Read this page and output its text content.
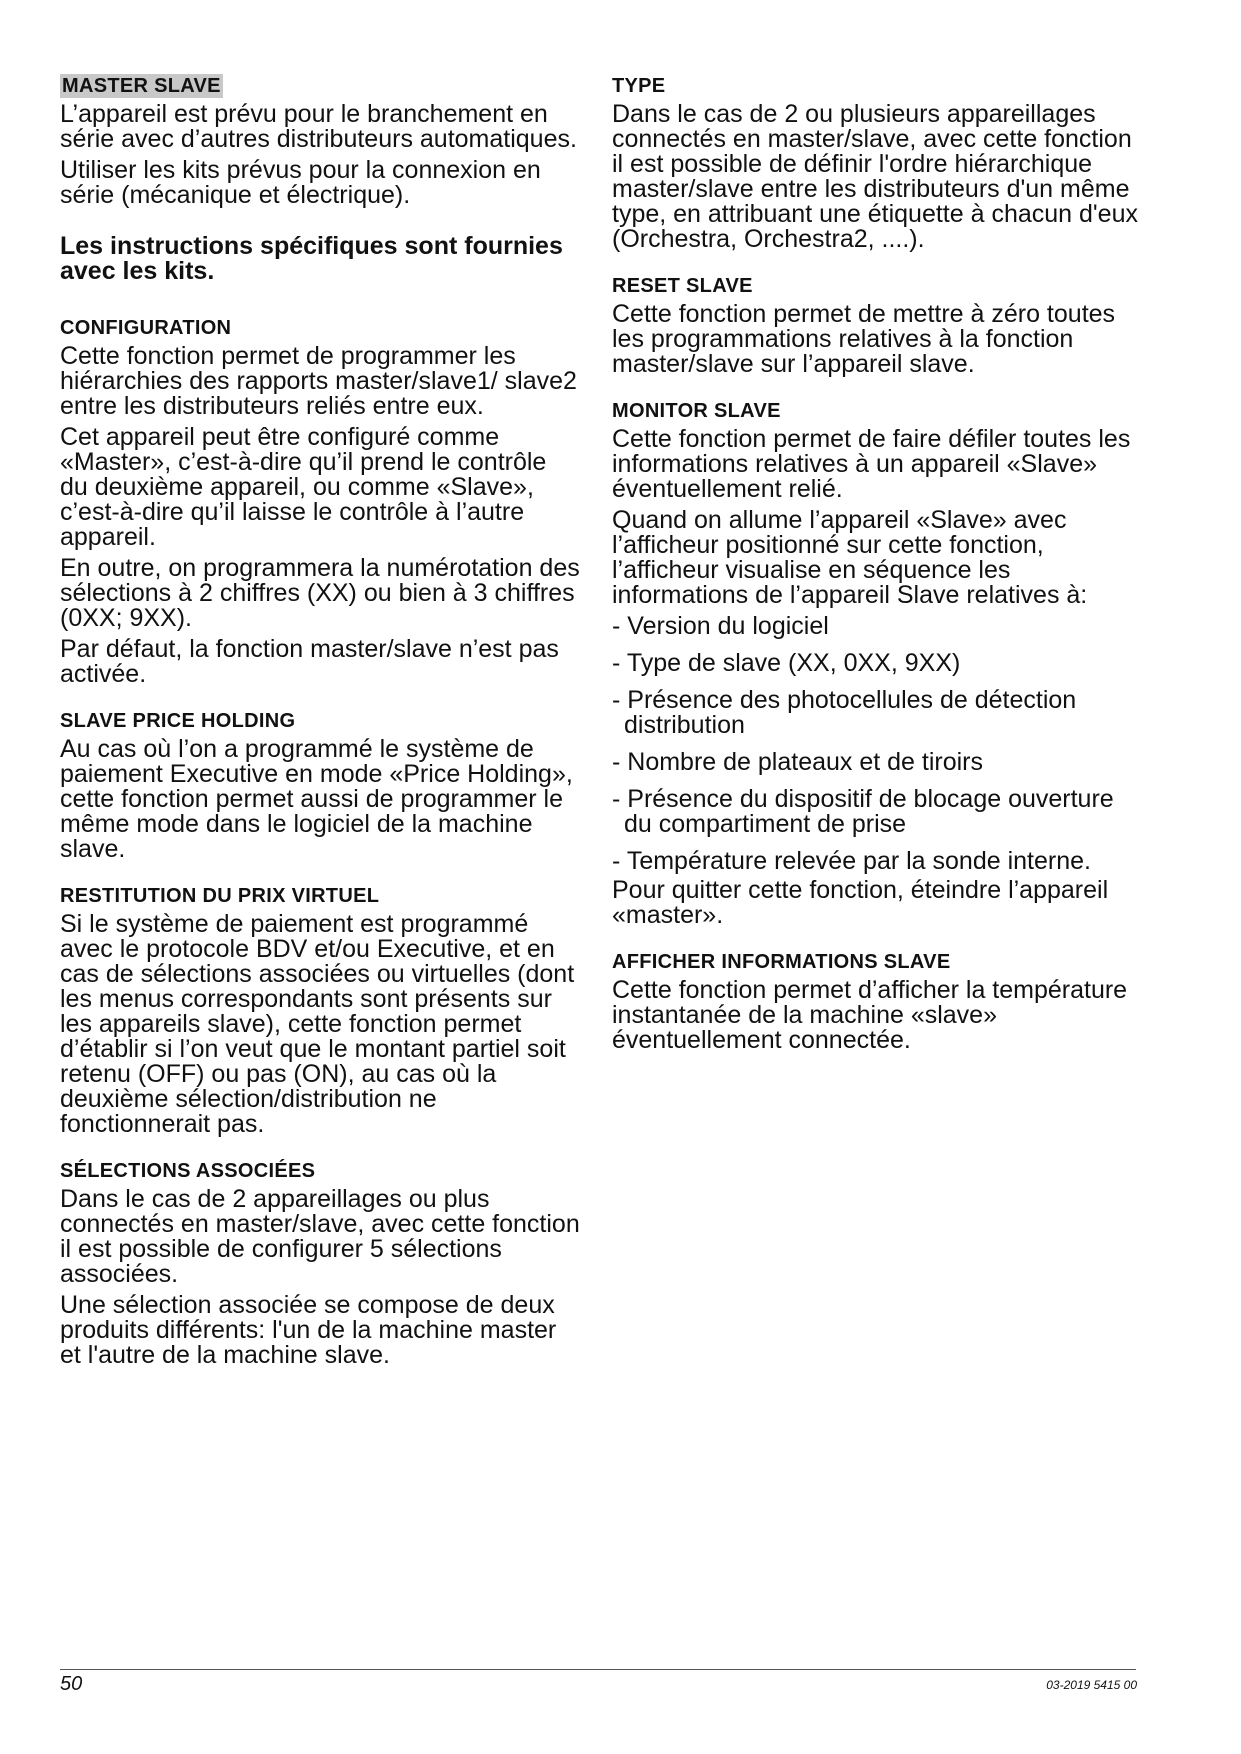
MASTER SLAVE

L’appareil est prévu pour le branchement en série avec d’autres distributeurs automatiques.

Utiliser les kits prévus pour la connexion en série (mécanique et électrique).

Les instructions spécifiques sont fournies avec les kits.

CONFIGURATION

Cette fonction permet de programmer les hiérarchies des rapports master/slave1/ slave2 entre les distributeurs reliés entre eux.

Cet appareil peut être configuré comme «Master», c’est-à-dire qu’il prend le contrôle du deuxième appareil, ou comme «Slave», c’est-à-dire qu’il laisse le contrôle à l’autre appareil.

En outre, on programmera la numérotation des sélections à 2 chiffres (XX) ou bien à 3 chiffres (0XX; 9XX).

Par défaut, la fonction master/slave n’est pas activée.

SLAVE PRICE HOLDING

Au cas où l’on a programmé le système de paiement Executive en mode «Price Holding», cette fonction permet aussi de programmer le même mode dans le logiciel de la machine slave.

RESTITUTION DU PRIX VIRTUEL

Si le système de paiement est programmé avec le protocole BDV et/ou Executive, et en cas de sélections associées ou virtuelles (dont les menus correspondants sont présents sur les appareils slave), cette fonction permet d’établir si l’on veut que le montant partiel soit retenu (OFF) ou pas (ON), au cas où la deuxième sélection/distribution ne fonctionnerait pas.

SÉLECTIONS ASSOCIÉES

Dans le cas de 2 appareillages ou plus connectés en master/slave, avec cette fonction il est possible de configurer 5 sélections associées.

Une sélection associée se compose de deux produits différents: l'un de la machine master et l'autre de la machine slave.

TYPE

Dans le cas de 2 ou plusieurs appareillages connectés en master/slave, avec cette fonction il est possible de définir l'ordre hiérarchique master/slave entre les distributeurs d'un même type, en attribuant une étiquette à chacun d'eux (Orchestra, Orchestra2, ....).

RESET SLAVE

Cette fonction permet de mettre à zéro toutes les programmations relatives à la fonction master/slave sur l’appareil slave.

MONITOR SLAVE

Cette fonction permet de faire défiler toutes les informations relatives à un appareil «Slave» éventuellement relié.

Quand on allume l’appareil «Slave» avec l’afficheur positionné sur cette fonction, l’afficheur visualise en séquence les informations de l’appareil Slave relatives à:

- Version du logiciel
- Type de slave (XX, 0XX, 9XX)
- Présence des photocellules de détection distribution
- Nombre de plateaux et de tiroirs
- Présence du dispositif de blocage ouverture du compartiment de prise
- Température relevée par la sonde interne.

Pour quitter cette fonction, éteindre l’appareil «master».

AFFICHER INFORMATIONS SLAVE

Cette fonction permet d’afficher la température instantanée de la machine «slave» éventuellement connectée.

50	03-2019 5415 00
